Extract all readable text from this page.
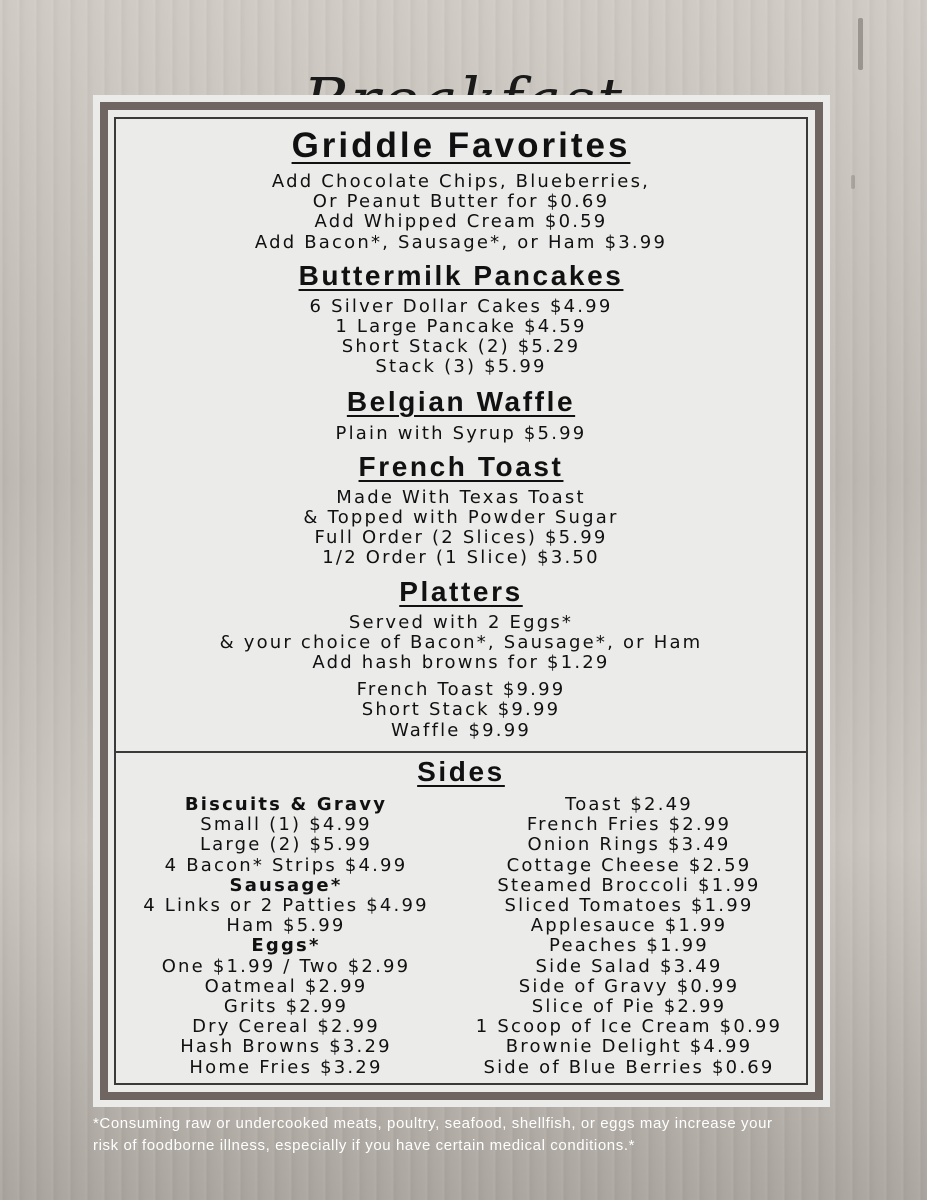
Griddle Favorites

Add Chocolate Chips, Blueberries,

Or Peanut Butter for $0.69

Add Whipped Cream $0.59

Add Bacon*, Sausage*, or Ham $3.99

Buttermilk Pancakes

6 Silver Dollar Cakes $4.99

1 Large Pancake $4.59

Short Stack (2) $5.29

Stack (3) $5.99

Belgian Waffle

Plain with Syrup $5.99

French Toast

Made With Texas Toast

& Topped with Powder Sugar

Full Order (2 Slices) $5.99

1/2 Order (1 Slice) $3.50

Platters

Served with 2 Eggs*

& your choice of Bacon*, Sausage*, or Ham

Add hash browns for $1.29

French Toast $9.99

Short Stack $9.99

Waffle $9.99

Sides

Biscuits & Gravy

Small (1) $4.99

Large (2) $5.99

4 Bacon* Strips $4.99

Sausage*

4 Links or 2 Patties $4.99

Ham $5.99

Eggs*

One $1.99 / Two $2.99

Oatmeal $2.99

Grits $2.99

Dry Cereal $2.99

Hash Browns $3.29

Home Fries $3.29

Toast $2.49

French Fries $2.99

Onion Rings $3.49

Cottage Cheese $2.59

Steamed Broccoli $1.99

Sliced Tomatoes $1.99

Applesauce $1.99

Peaches $1.99

Side Salad $3.49

Side of Gravy $0.99

Slice of Pie $2.99

1 Scoop of Ice Cream $0.99

Brownie Delight $4.99

Side of Blue Berries $0.69

*Consuming raw or undercooked meats, poultry, seafood, shellfish, or eggs may increase your risk of foodborne illness, especially if you have certain medical conditions.*
